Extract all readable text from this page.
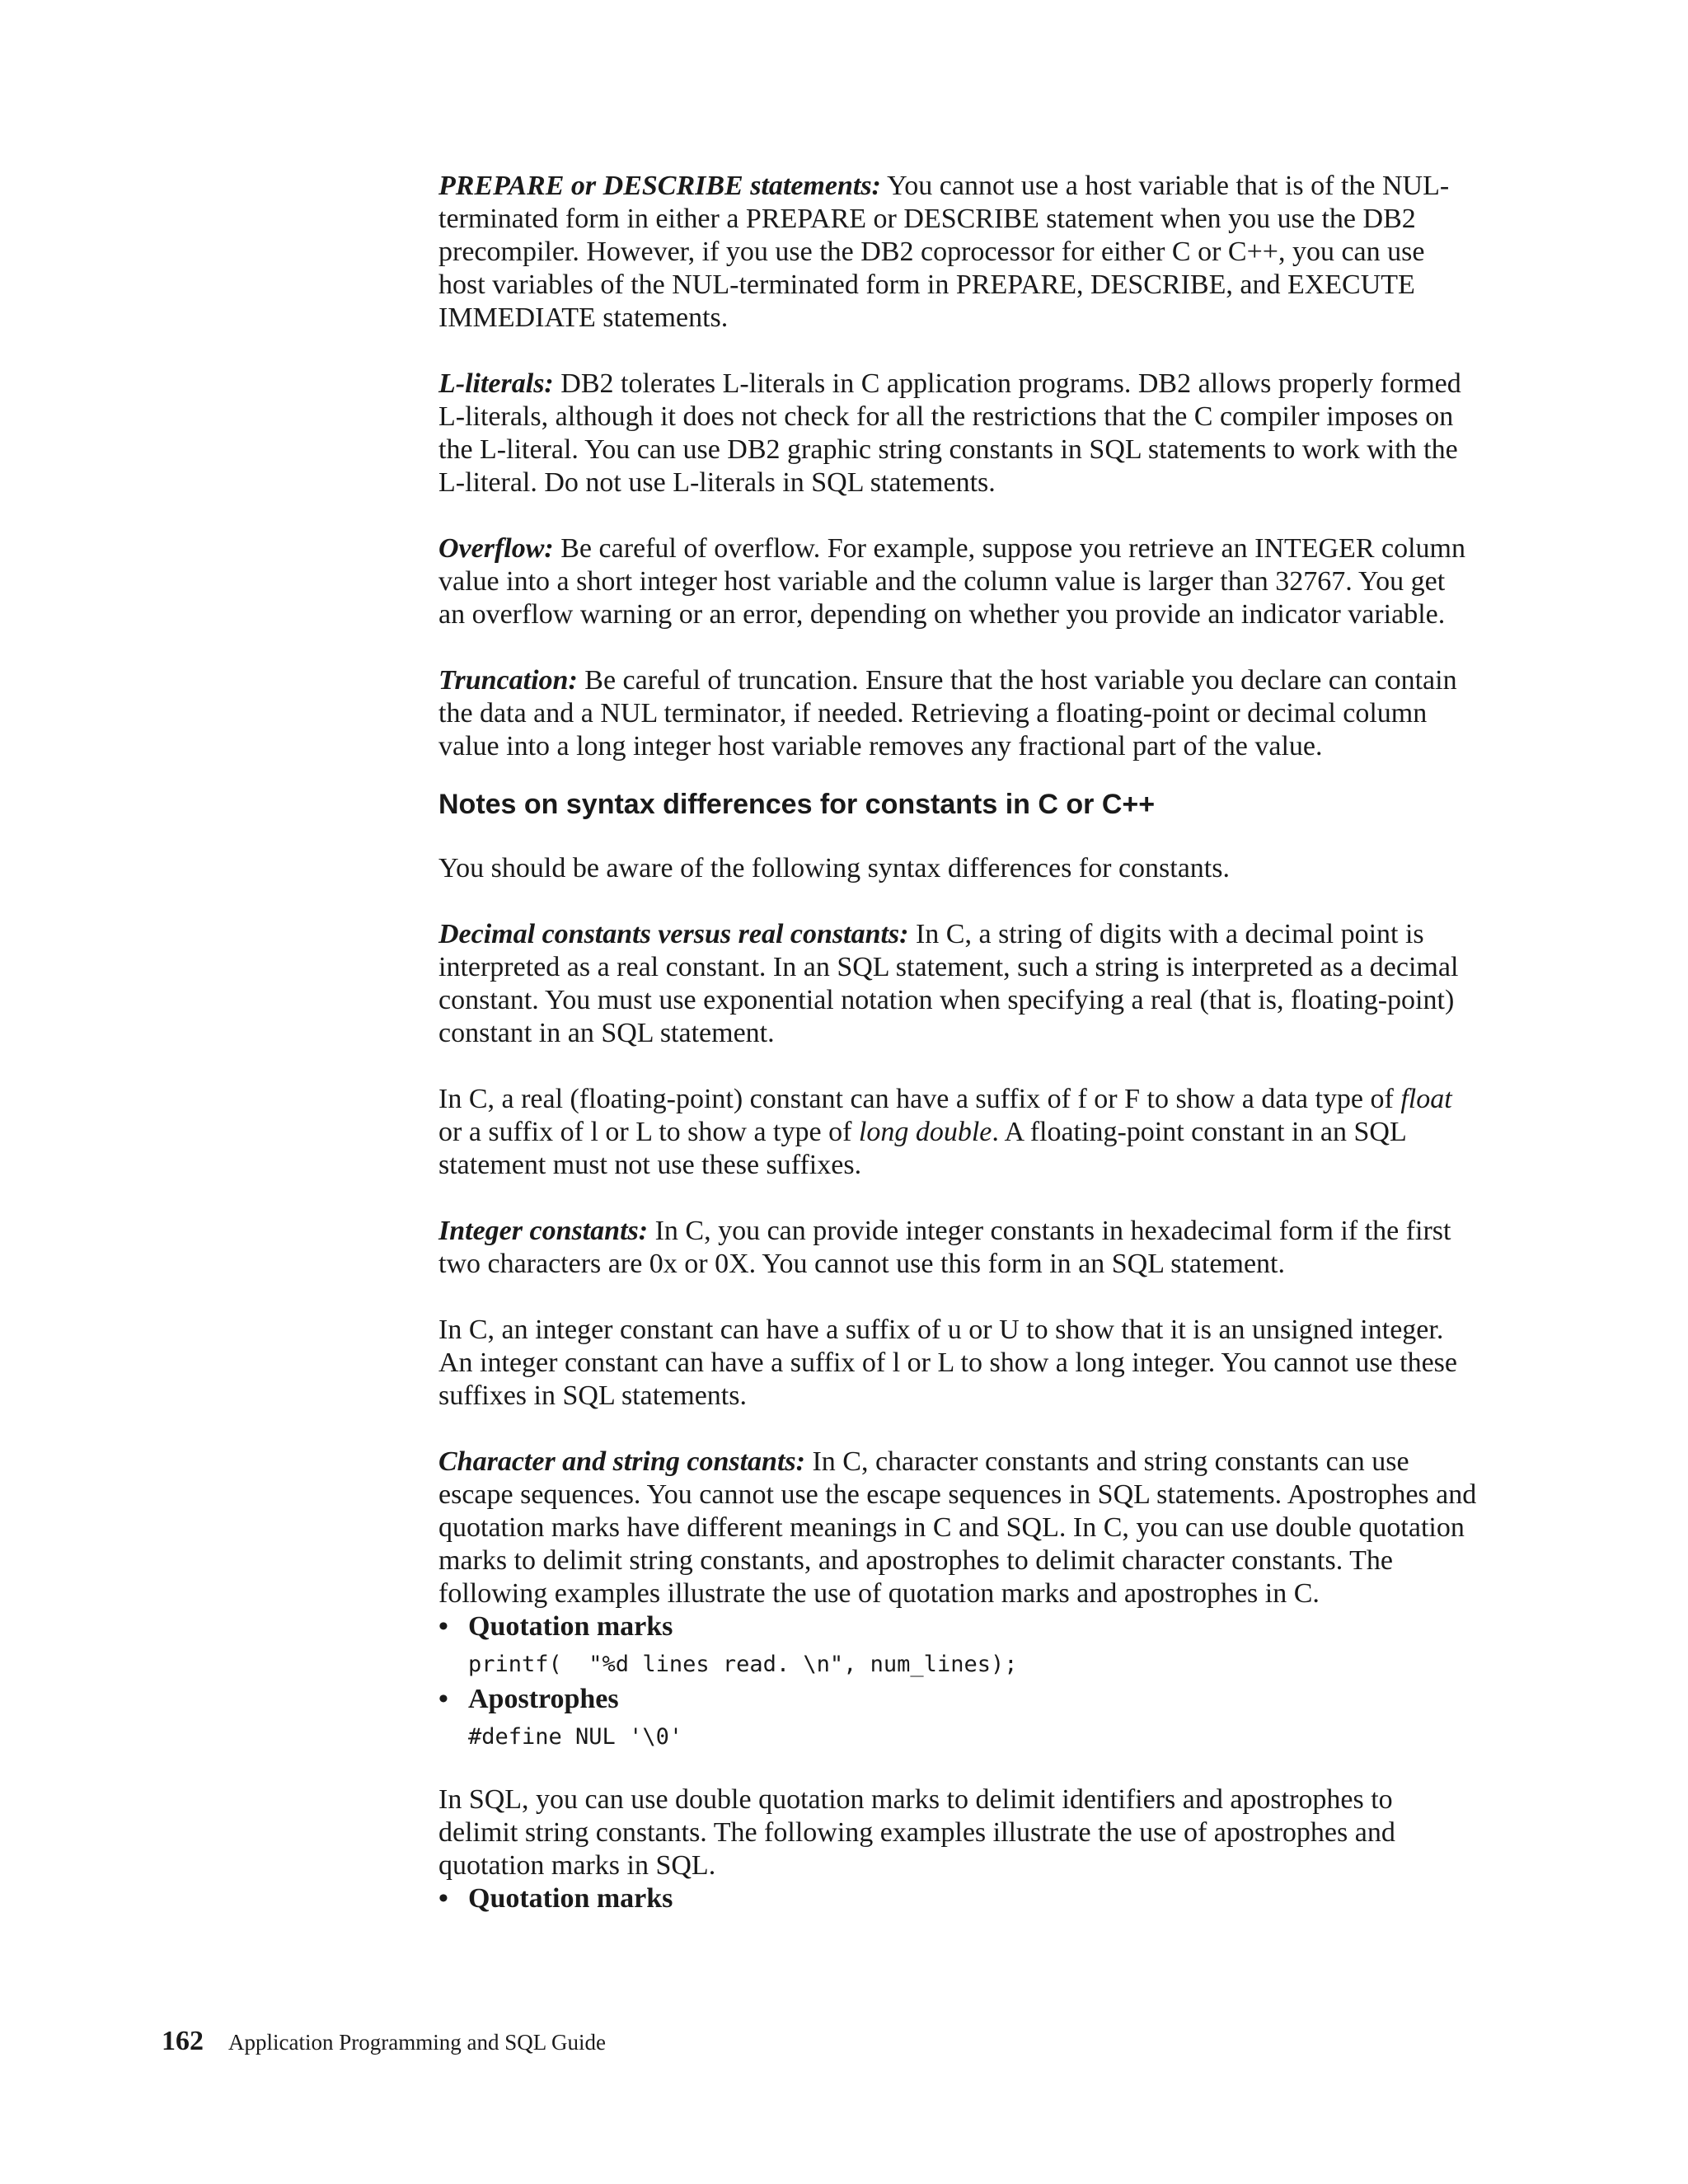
PREPARE or DESCRIBE statements: You cannot use a host variable that is of the NUL-terminated form in either a PREPARE or DESCRIBE statement when you use the DB2 precompiler. However, if you use the DB2 coprocessor for either C or C++, you can use host variables of the NUL-terminated form in PREPARE, DESCRIBE, and EXECUTE IMMEDIATE statements.

L-literals: DB2 tolerates L-literals in C application programs. DB2 allows properly formed L-literals, although it does not check for all the restrictions that the C compiler imposes on the L-literal. You can use DB2 graphic string constants in SQL statements to work with the L-literal. Do not use L-literals in SQL statements.

Overflow: Be careful of overflow. For example, suppose you retrieve an INTEGER column value into a short integer host variable and the column value is larger than 32767. You get an overflow warning or an error, depending on whether you provide an indicator variable.

Truncation: Be careful of truncation. Ensure that the host variable you declare can contain the data and a NUL terminator, if needed. Retrieving a floating-point or decimal column value into a long integer host variable removes any fractional part of the value.

Notes on syntax differences for constants in C or C++

You should be aware of the following syntax differences for constants.

Decimal constants versus real constants: In C, a string of digits with a decimal point is interpreted as a real constant. In an SQL statement, such a string is interpreted as a decimal constant. You must use exponential notation when specifying a real (that is, floating-point) constant in an SQL statement.

In C, a real (floating-point) constant can have a suffix of f or F to show a data type of float or a suffix of l or L to show a type of long double. A floating-point constant in an SQL statement must not use these suffixes.

Integer constants: In C, you can provide integer constants in hexadecimal form if the first two characters are 0x or 0X. You cannot use this form in an SQL statement.

In C, an integer constant can have a suffix of u or U to show that it is an unsigned integer. An integer constant can have a suffix of l or L to show a long integer. You cannot use these suffixes in SQL statements.

Character and string constants: In C, character constants and string constants can use escape sequences. You cannot use the escape sequences in SQL statements. Apostrophes and quotation marks have different meanings in C and SQL. In C, you can use double quotation marks to delimit string constants, and apostrophes to delimit character constants. The following examples illustrate the use of quotation marks and apostrophes in C.

• Quotation marks
printf(  "%d lines read. \n", num_lines);
• Apostrophes
#define NUL '\0'

In SQL, you can use double quotation marks to delimit identifiers and apostrophes to delimit string constants. The following examples illustrate the use of apostrophes and quotation marks in SQL.

• Quotation marks
162 Application Programming and SQL Guide
